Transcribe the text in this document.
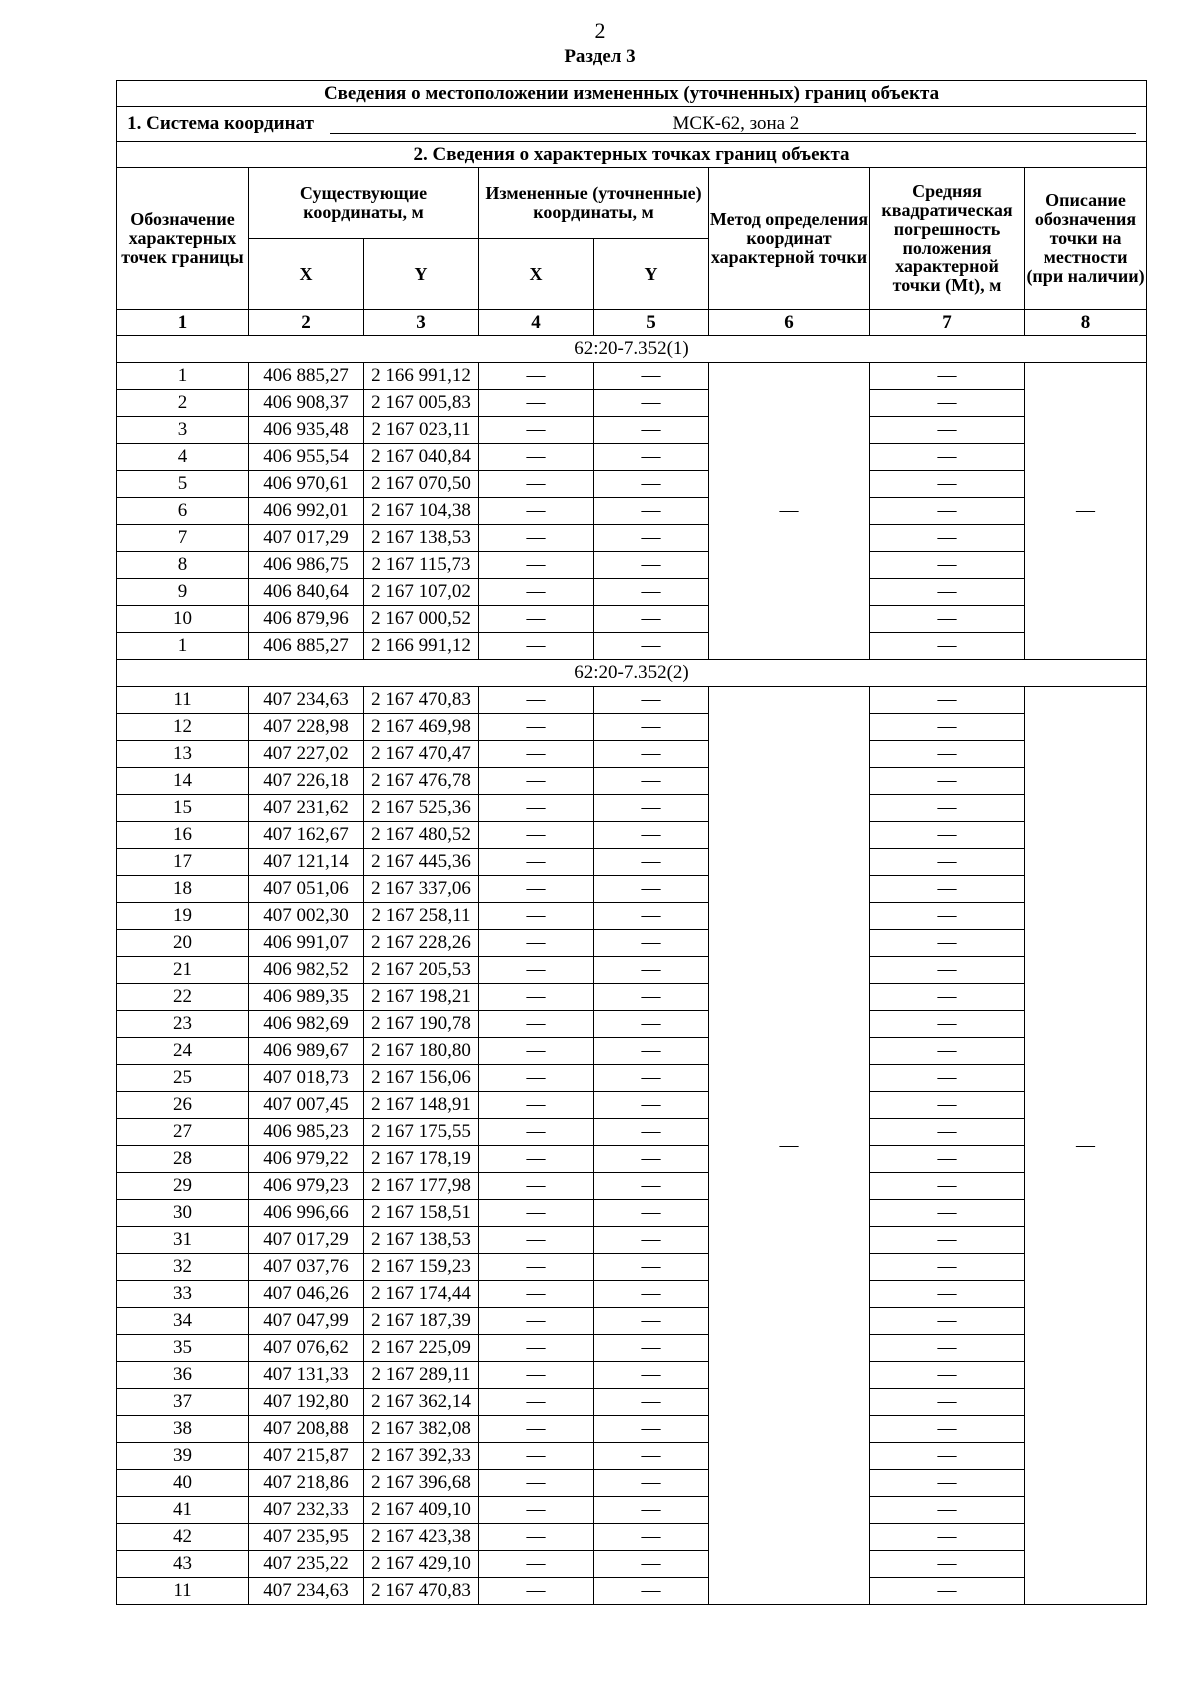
2
Раздел 3
Сведения о местоположении измененных (уточненных) границ объекта							
1. Система координат МСК-62, зона 2							
2. Сведения о характерных точках границ объекта							
Обозначение характерных точек границы	Существующие координаты, м		Измененные (уточненные) координаты, м		Метод определения координат характерной точки	Средняя квадратическая погрешность положения характерной точки (Mt), м	Описание обозначения точки на местности (при наличии)
	X	Y	X	Y			
1	2	3	4	5	6	7	8
62:20-7.352(1)							
1	406 885,27	2 166 991,12	—	—	—	—	—
2	406 908,37	2 167 005,83	—	—		—	
3	406 935,48	2 167 023,11	—	—		—	
4	406 955,54	2 167 040,84	—	—		—	
5	406 970,61	2 167 070,50	—	—		—	
6	406 992,01	2 167 104,38	—	—		—	
7	407 017,29	2 167 138,53	—	—		—	
8	406 986,75	2 167 115,73	—	—		—	
9	406 840,64	2 167 107,02	—	—		—	
10	406 879,96	2 167 000,52	—	—		—	
1	406 885,27	2 166 991,12	—	—		—	
62:20-7.352(2)							
11	407 234,63	2 167 470,83	—	—	—	—	—
12	407 228,98	2 167 469,98	—	—		—	
13	407 227,02	2 167 470,47	—	—		—	
14	407 226,18	2 167 476,78	—	—		—	
15	407 231,62	2 167 525,36	—	—		—	
16	407 162,67	2 167 480,52	—	—		—	
17	407 121,14	2 167 445,36	—	—		—	
18	407 051,06	2 167 337,06	—	—		—	
19	407 002,30	2 167 258,11	—	—		—	
20	406 991,07	2 167 228,26	—	—		—	
21	406 982,52	2 167 205,53	—	—		—	
22	406 989,35	2 167 198,21	—	—		—	
23	406 982,69	2 167 190,78	—	—		—	
24	406 989,67	2 167 180,80	—	—		—	
25	407 018,73	2 167 156,06	—	—		—	
26	407 007,45	2 167 148,91	—	—		—	
27	406 985,23	2 167 175,55	—	—		—	
28	406 979,22	2 167 178,19	—	—		—	
29	406 979,23	2 167 177,98	—	—		—	
30	406 996,66	2 167 158,51	—	—		—	
31	407 017,29	2 167 138,53	—	—		—	
32	407 037,76	2 167 159,23	—	—		—	
33	407 046,26	2 167 174,44	—	—		—	
34	407 047,99	2 167 187,39	—	—		—	
35	407 076,62	2 167 225,09	—	—		—	
36	407 131,33	2 167 289,11	—	—		—	
37	407 192,80	2 167 362,14	—	—		—	
38	407 208,88	2 167 382,08	—	—		—	
39	407 215,87	2 167 392,33	—	—		—	
40	407 218,86	2 167 396,68	—	—		—	
41	407 232,33	2 167 409,10	—	—		—	
42	407 235,95	2 167 423,38	—	—		—	
43	407 235,22	2 167 429,10	—	—		—	
11	407 234,63	2 167 470,83	—	—		—	
